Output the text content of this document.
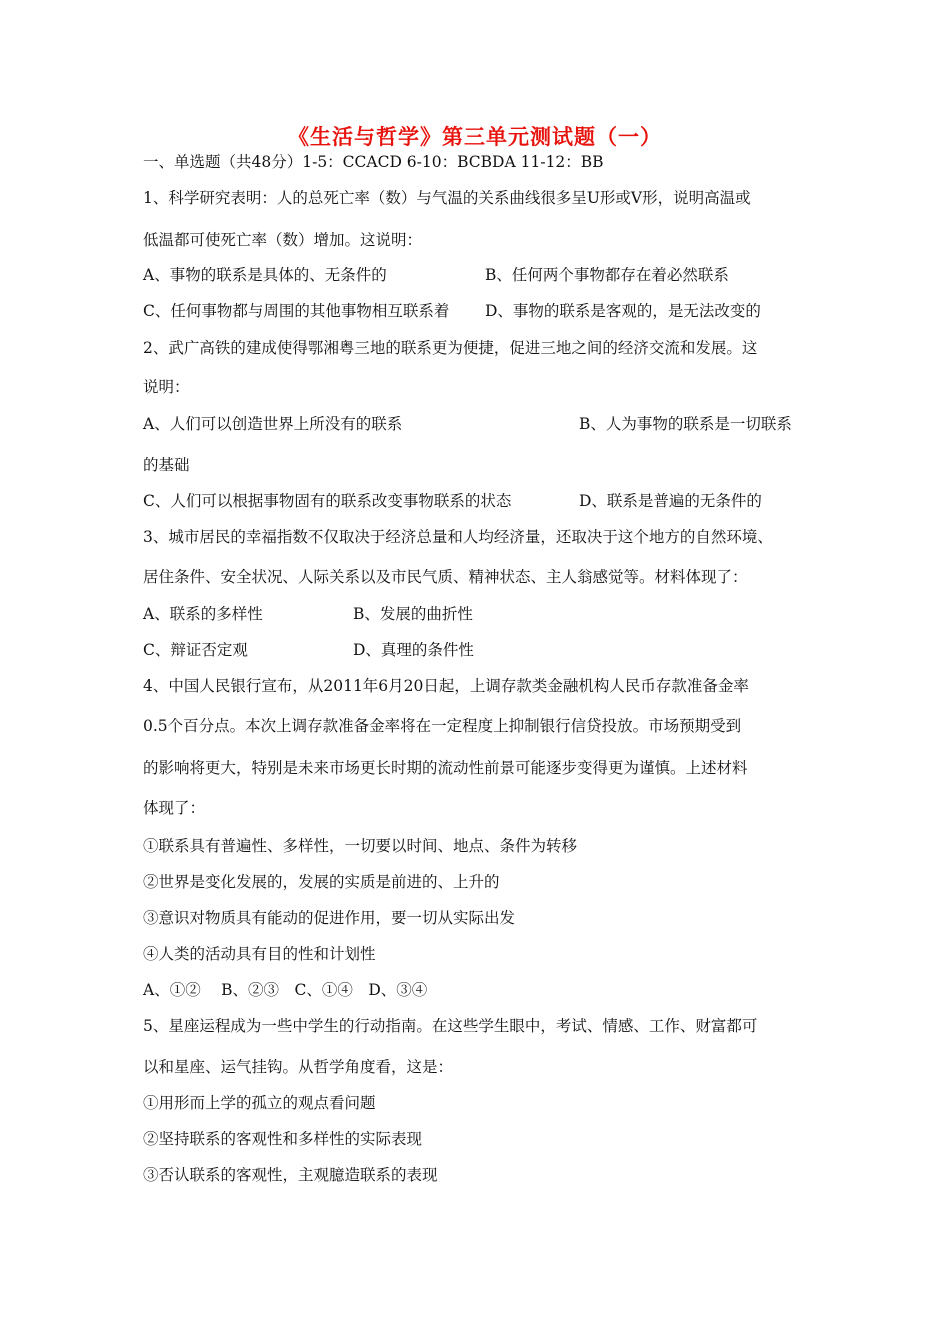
《生活与哲学》第三单元测试题（一）
一、单选题（共48分）1-5：CCACD 6-10：BCBDA 11-12：BB
1、科学研究表明：人的总死亡率（数）与气温的关系曲线很多呈U形或V形，说明高温或
低温都可使死亡率（数）增加。这说明：
A、事物的联系是具体的、无条件的	B、任何两个事物都存在着必然联系
C、任何事物都与周围的其他事物相互联系着 D、事物的联系是客观的，是无法改变的
2、武广高铁的建成使得鄂湘粤三地的联系更为便捷，促进三地之间的经济交流和发展。这
说明：
A、人们可以创造世界上所没有的联系	B、人为事物的联系是一切联系
的基础
C、人们可以根据事物固有的联系改变事物联系的状态	D、联系是普遍的无条件的
3、城市居民的幸福指数不仅取决于经济总量和人均经济量，还取决于这个地方的自然环境、
居住条件、安全状况、人际关系以及市民气质、精神状态、主人翁感觉等。材料体现了：
A、联系的多样性	B、发展的曲折性
C、辩证否定观	D、真理的条件性
4、中国人民银行宣布，从2011年6月20日起，上调存款类金融机构人民币存款准备金率
0.5个百分点。本次上调存款准备金率将在一定程度上抑制银行信贷投放。市场预期受到
的影响将更大，特别是未来市场更长时期的流动性前景可能逐步变得更为谨慎。上述材料
体现了：
①联系具有普遍性、多样性，一切要以时间、地点、条件为转移
②世界是变化发展的，发展的实质是前进的、上升的
③意识对物质具有能动的促进作用，要一切从实际出发
④人类的活动具有目的性和计划性
A、①②　 B、②③　C、①④　D、③④
5、星座运程成为一些中学生的行动指南。在这些学生眼中，考试、情感、工作、财富都可
以和星座、运气挂钩。从哲学角度看，这是：
①用形而上学的孤立的观点看问题
②坚持联系的客观性和多样性的实际表现
③否认联系的客观性，主观臆造联系的表现
